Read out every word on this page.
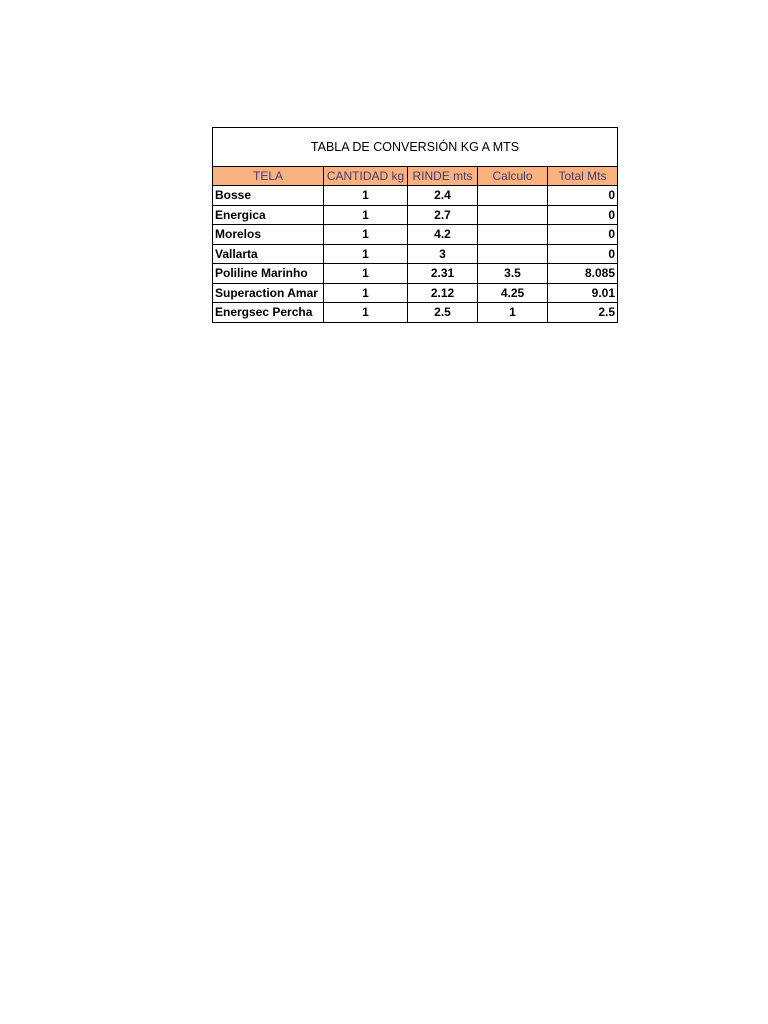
TABLA DE CONVERSIÓN KG A MTS				
TELA	CANTIDAD kg	RINDE mts	Calculo	Total Mts
Bosse	1	2.4		0
Energica	1	2.7		0
Morelos	1	4.2		0
Vallarta	1	3		0
Poliline Marinho	1	2.31	3.5	8.085
Superaction Amar	1	2.12	4.25	9.01
Energsec Percha	1	2.5	1	2.5
